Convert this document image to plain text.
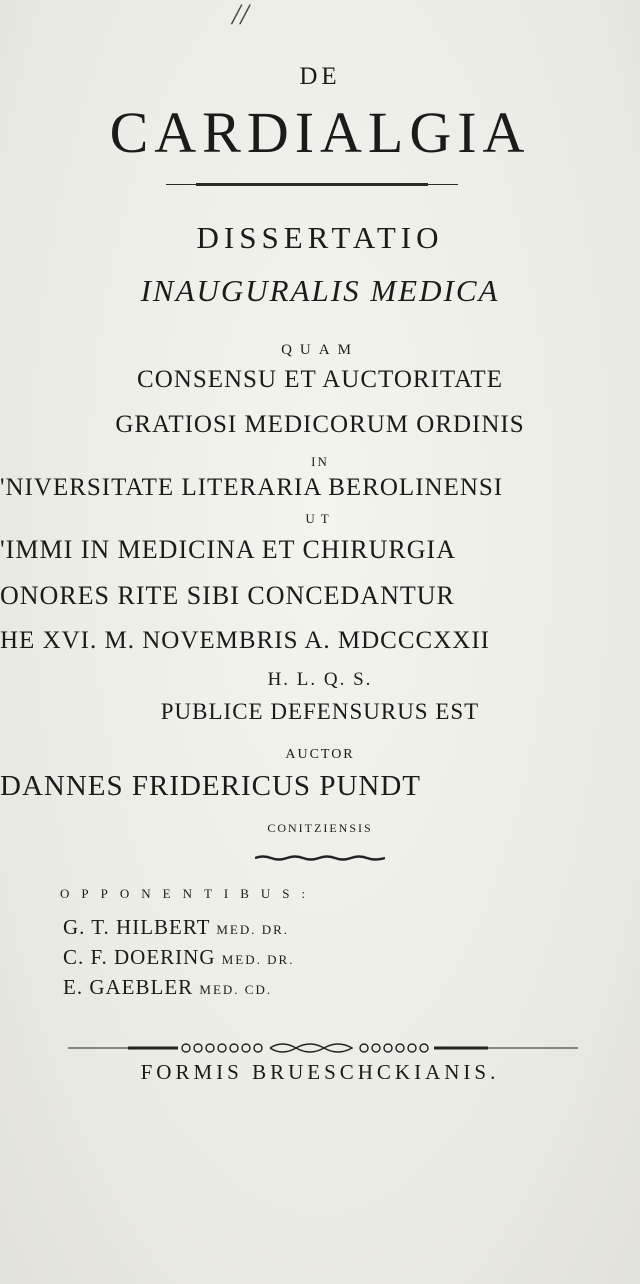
//
DE
CARDIALGIA
DISSERTATIO
INAUGURALIS MEDICA
QUAM
CONSENSU ET AUCTORITATE
GRATIOSI MEDICORUM ORDINIS
IN
'NIVERSITATE LITERARIA BEROLINENSI
UT
'IMMI IN MEDICINA ET CHIRURGIA
ONORES RITE SIBI CONCEDANTUR
HE XVI. M. NOVEMBRIS A. MDCCCXXII
H. L. Q. S.
PUBLICE DEFENSURUS EST
AUCTOR
DANNES FRIDERICUS PUNDT
CONITZIENSIS
OPPONENTIBUS:
G. T. HILBERT MED. DR.
C. F. DOERING MED. DR.
E. GAEBLER MED. CD.
FORMIS BRUESCHCKIANIS.
